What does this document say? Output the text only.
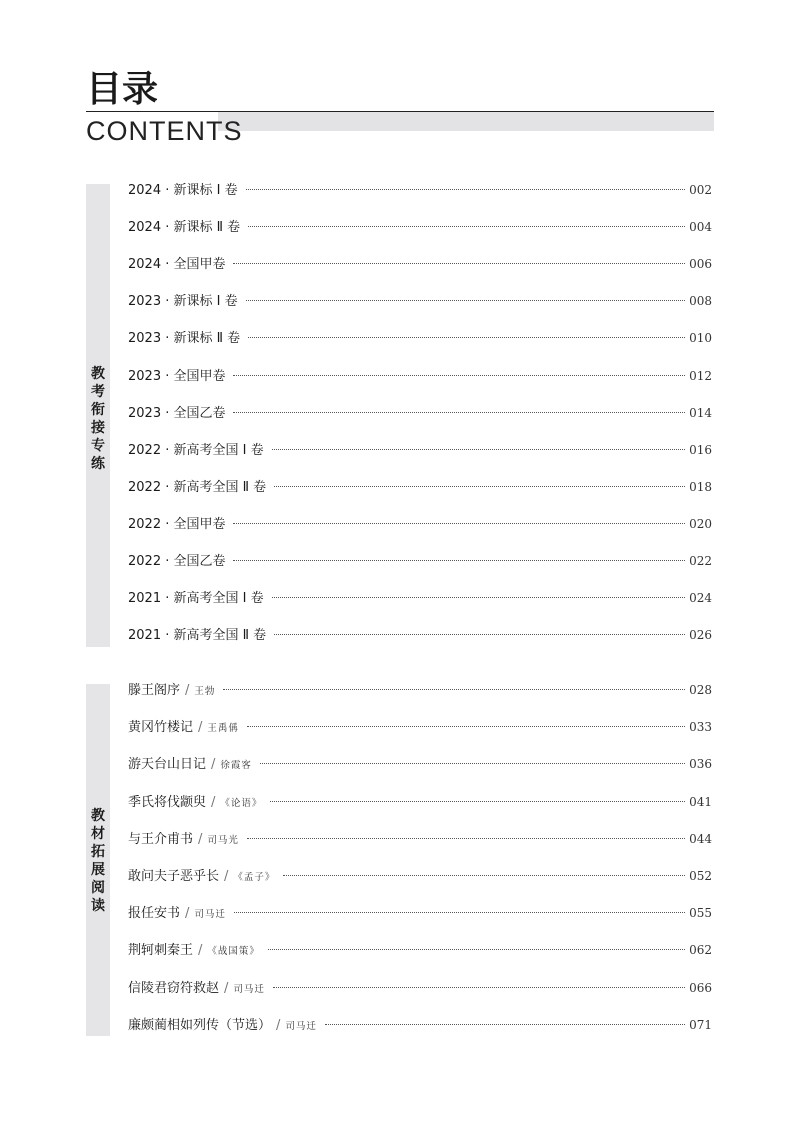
目录
CONTENTS
教
考
衔
接
专
练
2024 · 新课标 Ⅰ 卷	002
2024 · 新课标 Ⅱ 卷	004
2024 · 全国甲卷	006
2023 · 新课标 Ⅰ 卷	008
2023 · 新课标 Ⅱ 卷	010
2023 · 全国甲卷	012
2023 · 全国乙卷	014
2022 · 新高考全国 Ⅰ 卷	016
2022 · 新高考全国 Ⅱ 卷	018
2022 · 全国甲卷	020
2022 · 全国乙卷	022
2021 · 新高考全国 Ⅰ 卷	024
2021 · 新高考全国 Ⅱ 卷	026
教
材
拓
展
阅
读
滕王阁序 / 王勃	028
黄冈竹楼记 / 王禹偁	033
游天台山日记 / 徐霞客	036
季氏将伐颛臾 / 《论语》	041
与王介甫书 / 司马光	044
敢问夫子恶乎长 / 《孟子》	052
报任安书 / 司马迁	055
荆轲刺秦王 / 《战国策》	062
信陵君窃符救赵 / 司马迁	066
廉颇蔺相如列传（节选） / 司马迁	071
